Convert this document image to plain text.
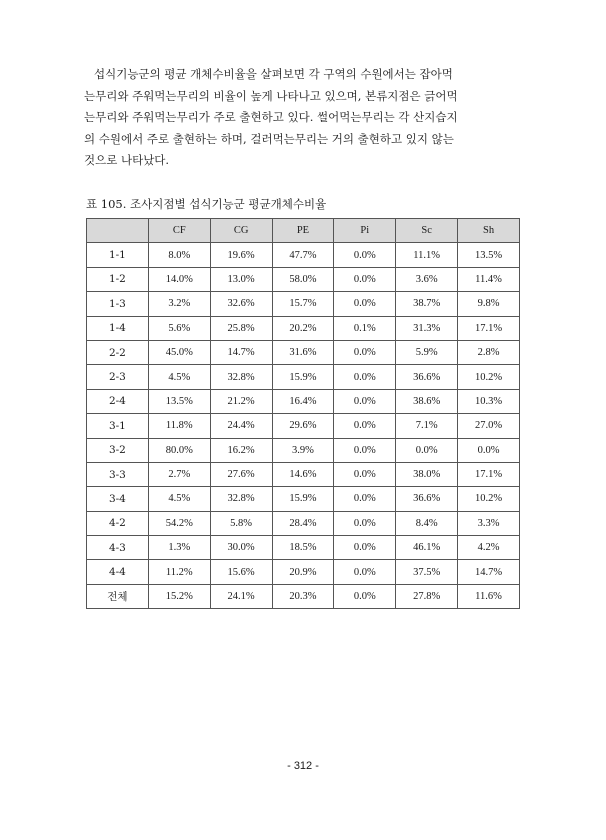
섭식기능군의 평균 개체수비율을 살펴보면 각 구역의 수원에서는 잡아먹
는무리와 주워먹는무리의 비율이 높게 나타나고 있으며, 본류지점은 긁어먹
는무리와 주워먹는무리가 주로 출현하고 있다. 썰어먹는무리는 각 산지습지
의 수원에서 주로 출현하는 하며, 걸러먹는무리는 거의 출현하고 있지 않는
것으로 나타났다.

표 105. 조사지점별 섭식기능군 평균개체수비율
	CF	CG	PE	Pi	Sc	Sh
1-1	8.0%	19.6%	47.7%	0.0%	11.1%	13.5%
1-2	14.0%	13.0%	58.0%	0.0%	3.6%	11.4%
1-3	3.2%	32.6%	15.7%	0.0%	38.7%	9.8%
1-4	5.6%	25.8%	20.2%	0.1%	31.3%	17.1%
2-2	45.0%	14.7%	31.6%	0.0%	5.9%	2.8%
2-3	4.5%	32.8%	15.9%	0.0%	36.6%	10.2%
2-4	13.5%	21.2%	16.4%	0.0%	38.6%	10.3%
3-1	11.8%	24.4%	29.6%	0.0%	7.1%	27.0%
3-2	80.0%	16.2%	3.9%	0.0%	0.0%	0.0%
3-3	2.7%	27.6%	14.6%	0.0%	38.0%	17.1%
3-4	4.5%	32.8%	15.9%	0.0%	36.6%	10.2%
4-2	54.2%	5.8%	28.4%	0.0%	8.4%	3.3%
4-3	1.3%	30.0%	18.5%	0.0%	46.1%	4.2%
4-4	11.2%	15.6%	20.9%	0.0%	37.5%	14.7%
전체	15.2%	24.1%	20.3%	0.0%	27.8%	11.6%
- 312 -
